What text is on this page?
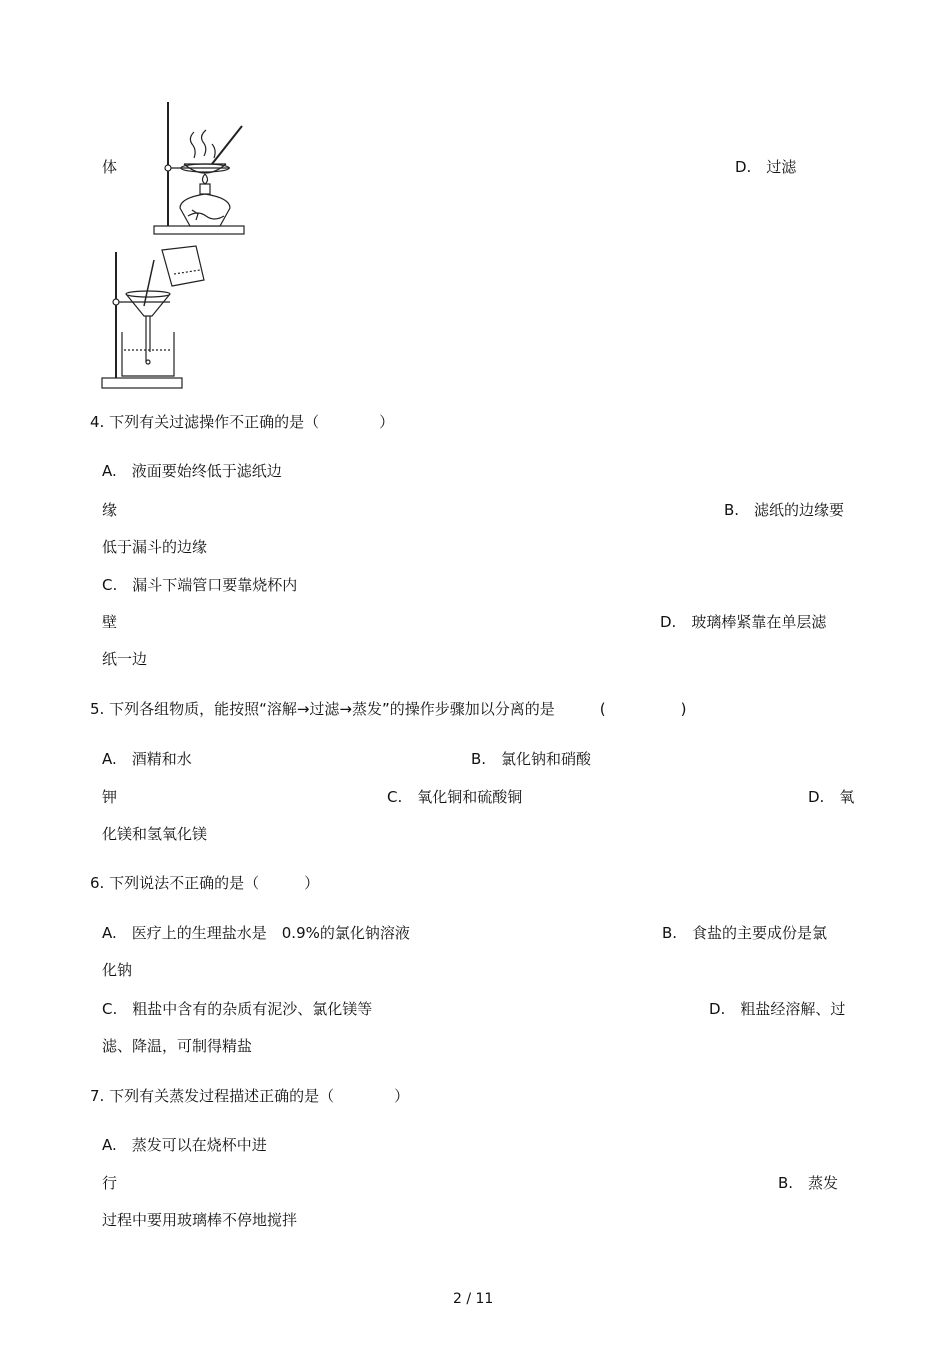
体	D.　过滤
4. 下列有关过滤操作不正确的是（　　　　）
A.　液面要始终低于滤纸边
缘	B.　滤纸的边缘要
低于漏斗的边缘
C.　漏斗下端管口要靠烧杯内
壁	D.　玻璃棒紧靠在单层滤
纸一边
5. 下列各组物质，能按照“溶解→过滤→蒸发”的操作步骤加以分离的是　　　(　　　　　)
A.　酒精和水	B.　氯化钠和硝酸
钾	C.　氧化铜和硫酸铜	D.　氧
化镁和氢氧化镁
6. 下列说法不正确的是（　　　）
A.　医疗上的生理盐水是　0.9%的氯化钠溶液	B.　食盐的主要成份是氯
化钠
C.　粗盐中含有的杂质有泥沙、氯化镁等	D.　粗盐经溶解、过
滤、降温，可制得精盐
7. 下列有关蒸发过程描述正确的是（　　　　）
A.　蒸发可以在烧杯中进
行	B.　蒸发
过程中要用玻璃棒不停地搅拌
2 / 11
